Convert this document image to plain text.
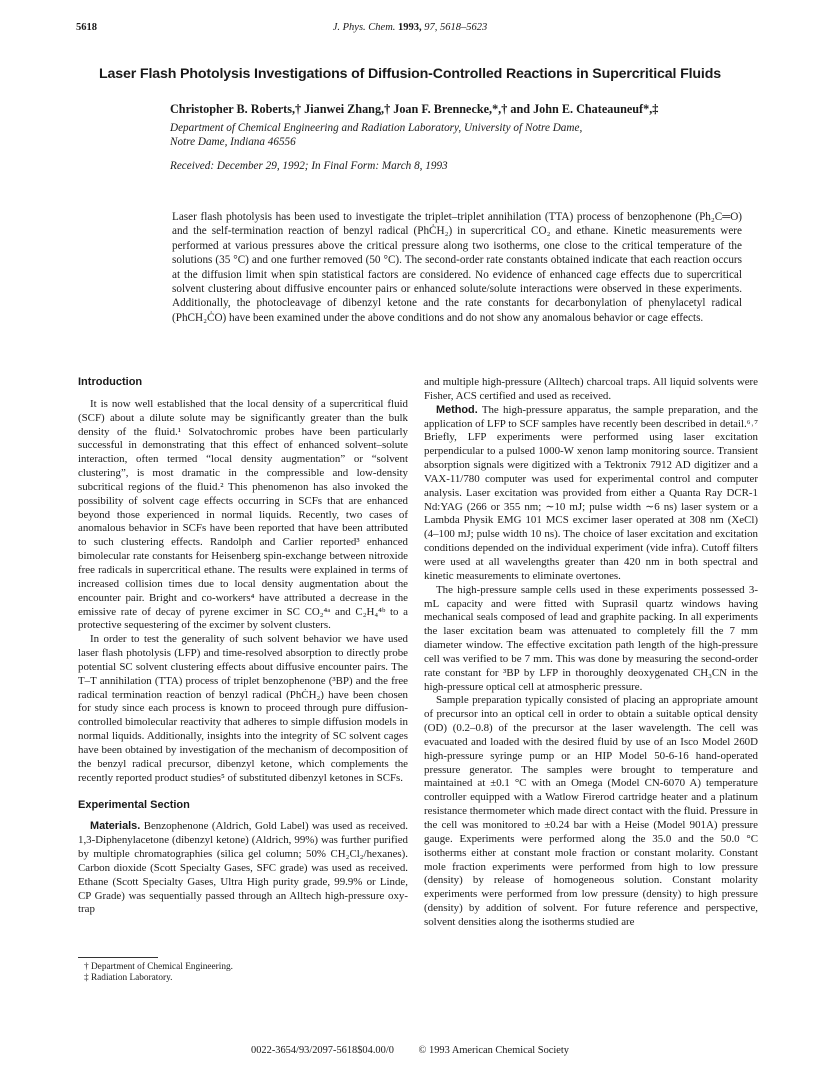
5618	J. Phys. Chem. 1993, 97, 5618–5623
Laser Flash Photolysis Investigations of Diffusion-Controlled Reactions in Supercritical Fluids
Christopher B. Roberts,† Jianwei Zhang,† Joan F. Brennecke,*,† and John E. Chateauneuf*,‡
Department of Chemical Engineering and Radiation Laboratory, University of Notre Dame,
Notre Dame, Indiana 46556
Received: December 29, 1992; In Final Form: March 8, 1993

Laser flash photolysis has been used to investigate the triplet–triplet annihilation (TTA) process of benzophenone (Ph₂C═O) and the self-termination reaction of benzyl radical (PhĊH₂) in supercritical CO₂ and ethane. Kinetic measurements were performed at various pressures above the critical pressure along two isotherms, one close to the critical temperature of the solutions (35 °C) and one further removed (50 °C). The second-order rate constants obtained indicate that each reaction occurs at the diffusion limit when spin statistical factors are considered. No evidence of enhanced cage effects due to supercritical solvent clustering about diffusive encounter pairs or enhanced solute/solute interactions were observed in these experiments. Additionally, the photocleavage of dibenzyl ketone and the rate constants for decarbonylation of phenylacetyl radical (PhCH₂ĊO) have been examined under the above conditions and do not show any anomalous behavior or cage effects.

Introduction

It is now well established that the local density of a supercritical fluid (SCF) about a dilute solute may be significantly greater than the bulk density of the fluid.¹ Solvatochromic probes have been particularly successful in demonstrating that this effect of enhanced solvent–solute interaction, often termed “local density augmentation” or “solvent clustering”, is most dramatic in the compressible and low-density subcritical regions of the fluid.² This phenomenon has also invoked the possibility of solvent cage effects occurring in SCFs that are enhanced beyond those experienced in normal liquids. Recently, two cases of anomalous behavior in SCFs have been reported that have been attributed to such clustering effects. Randolph and Carlier reported³ enhanced bimolecular rate constants for Heisenberg spin-exchange between nitroxide free radicals in supercritical ethane. The results were explained in terms of increased collision times due to local density augmentation about the encounter pair. Bright and co-workers⁴ have attributed a decrease in the emissive rate of decay of pyrene excimer in SC CO₂⁴ᵃ and C₂H₄⁴ᵇ to a protective sequestering of the excimer by solvent clusters.

In order to test the generality of such solvent behavior we have used laser flash photolysis (LFP) and time-resolved absorption to directly probe potential SC solvent clustering effects about diffusive encounter pairs. The T–T annihilation (TTA) process of triplet benzophenone (³BP) and the free radical termination reaction of benzyl radical (PhĊH₂) have been chosen for study since each process is known to proceed through pure diffusion-controlled bimolecular reactivity that adheres to simple diffusion models in normal liquids. Additionally, insights into the integrity of SC solvent cages have been obtained by investigation of the mechanism of decomposition of the benzyl radical precursor, dibenzyl ketone, which complements the recently reported product studies⁵ of substituted dibenzyl ketones in SCFs.

Experimental Section

Materials. Benzophenone (Aldrich, Gold Label) was used as received. 1,3-Diphenylacetone (dibenzyl ketone) (Aldrich, 99%) was further purified by multiple chromatographies (silica gel column; 50% CH₂Cl₂/hexanes). Carbon dioxide (Scott Specialty Gases, SFC grade) was used as received. Ethane (Scott Specialty Gases, Ultra High purity grade, 99.9% or Linde, CP Grade) was sequentially passed through an Alltech high-pressure oxy-trap

and multiple high-pressure (Alltech) charcoal traps. All liquid solvents were Fisher, ACS certified and used as received.

Method. The high-pressure apparatus, the sample preparation, and the application of LFP to SCF samples have recently been described in detail.⁶˒⁷ Briefly, LFP experiments were performed using laser excitation perpendicular to a pulsed 1000-W xenon lamp monitoring source. Transient absorption signals were digitized with a Tektronix 7912 AD digitizer and a VAX-11/780 computer was used for experimental control and computer analysis. Laser excitation was provided from either a Quanta Ray DCR-1 Nd:YAG (266 or 355 nm; ∼10 mJ; pulse width ∼6 ns) laser system or a Lambda Physik EMG 101 MCS excimer laser operated at 308 nm (XeCl) (4–100 mJ; pulse width 10 ns). The choice of laser excitation and excitation conditions depended on the individual experiment (vide infra). Cutoff filters were used at all wavelengths greater than 420 nm in both spectral and kinetic measurements to eliminate overtones.

The high-pressure sample cells used in these experiments possessed 3-mL capacity and were fitted with Suprasil quartz windows having mechanical seals composed of lead and graphite packing. In all experiments the laser excitation beam was attenuated to completely fill the 7 mm diameter window. The effective excitation path length of the high-pressure cell was verified to be 7 mm. This was done by measuring the second-order rate constant for ³BP by LFP in thoroughly deoxygenated CH₃CN in the high-pressure optical cell at atmospheric pressure.

Sample preparation typically consisted of placing an appropriate amount of precursor into an optical cell in order to obtain a suitable optical density (OD) (0.2–0.8) of the precursor at the laser wavelength. The cell was evacuated and loaded with the desired fluid by use of an Isco Model 260D high-pressure syringe pump or an HIP Model 50-6-16 hand-operated pressure generator. The samples were brought to temperature and maintained at ±0.1 °C with an Omega (Model CN-6070 A) temperature controller equipped with a Watlow Firerod cartridge heater and a platinum resistance thermometer which made direct contact with the fluid. Pressure in the cell was monitored to ±0.24 bar with a Heise (Model 901A) pressure gauge. Experiments were performed along the 35.0 and the 50.0 °C isotherms either at constant mole fraction or constant molarity. Constant mole fraction experiments were performed from high to low pressure (density) by release of homogeneous solution. Constant molarity experiments were performed from low pressure (density) to high pressure (density) by addition of solvent. For future reference and perspective, solvent densities along the isotherms studied are

† Department of Chemical Engineering.
‡ Radiation Laboratory.
0022-3654/93/2097-5618$04.00/0 © 1993 American Chemical Society
